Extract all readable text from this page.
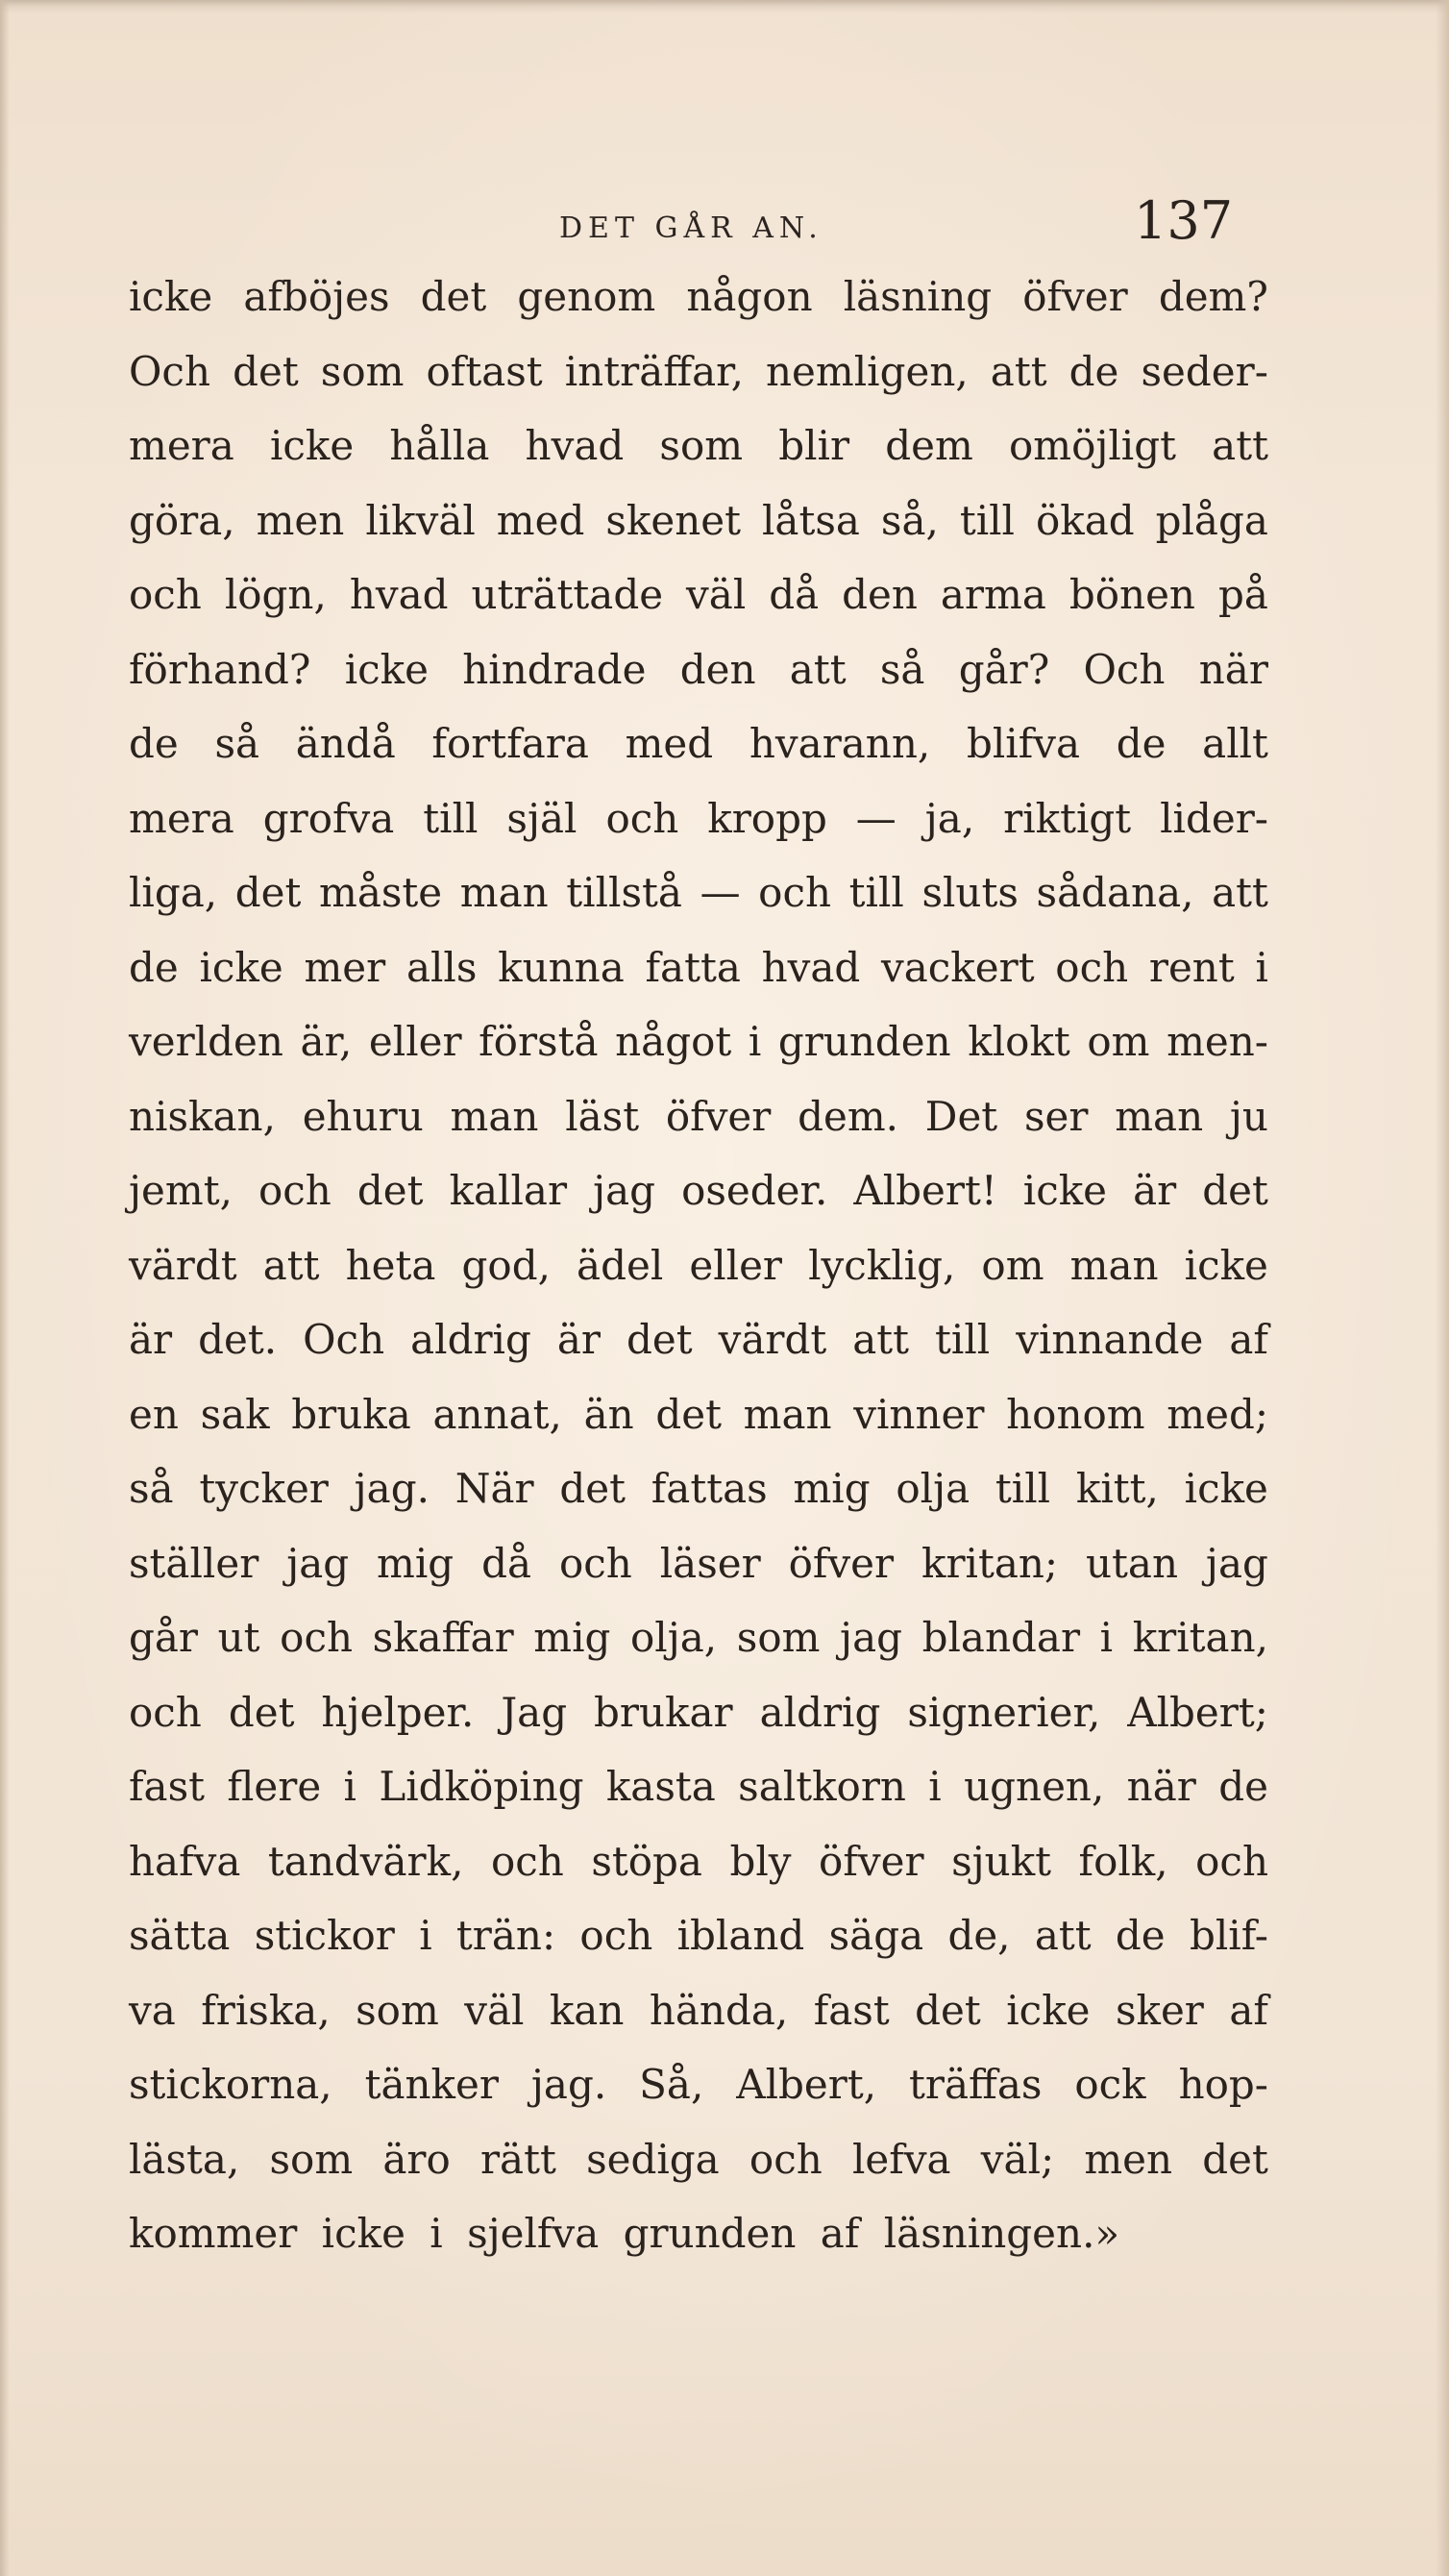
DET GÅR AN.	137
icke afböjes det genom någon läsning öfver dem?
Och det som oftast inträffar, nemligen, att de seder-
mera icke hålla hvad som blir dem omöjligt att
göra, men likväl med skenet låtsa så, till ökad plåga
och lögn, hvad uträttade väl då den arma bönen på
förhand? icke hindrade den att så går? Och när
de så ändå fortfara med hvarann, blifva de allt
mera grofva till själ och kropp — ja, riktigt lider-
liga, det måste man tillstå — och till sluts sådana, att
de icke mer alls kunna fatta hvad vackert och rent i
verlden är, eller förstå något i grunden klokt om men-
niskan, ehuru man läst öfver dem. Det ser man ju
jemt, och det kallar jag oseder. Albert! icke är det
värdt att heta god, ädel eller lycklig, om man icke
är det. Och aldrig är det värdt att till vinnande af
en sak bruka annat, än det man vinner honom med;
så tycker jag. När det fattas mig olja till kitt, icke
ställer jag mig då och läser öfver kritan; utan jag
går ut och skaffar mig olja, som jag blandar i kritan,
och det hjelper. Jag brukar aldrig signerier, Albert;
fast flere i Lidköping kasta saltkorn i ugnen, när de
hafva tandvärk, och stöpa bly öfver sjukt folk, och
sätta stickor i trän: och ibland säga de, att de blif-
va friska, som väl kan hända, fast det icke sker af
stickorna, tänker jag. Så, Albert, träffas ock hop-
lästa, som äro rätt sediga och lefva väl; men det
kommer icke i sjelfva grunden af läsningen.»
